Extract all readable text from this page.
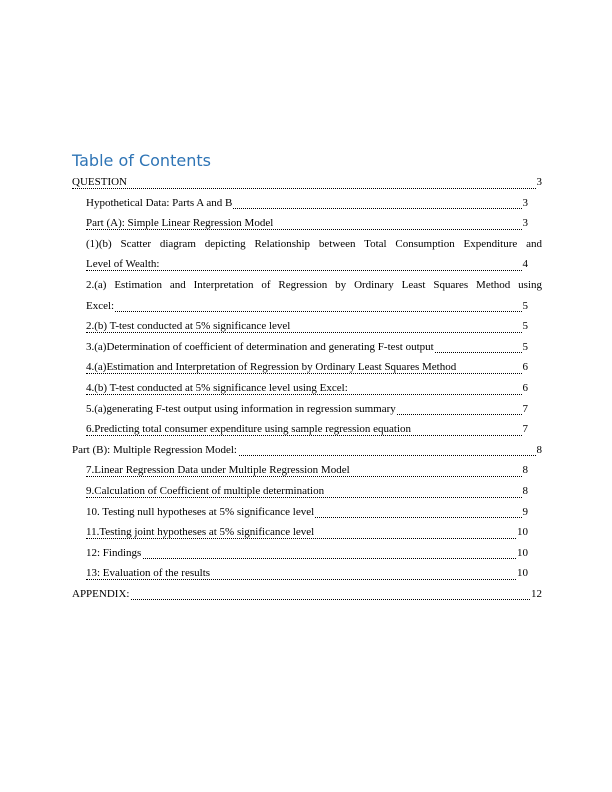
Table of Contents
QUESTION	3
Hypothetical Data: Parts A and B	3
Part (A): Simple Linear Regression Model	3
(1)(b) Scatter diagram depicting Relationship between Total Consumption Expenditure and
Level of Wealth:	4
2.(a) Estimation and Interpretation of Regression by Ordinary Least Squares Method using
Excel:	5
2.(b) T-test conducted at 5% significance level	5
3.(a)Determination of coefficient of determination and generating F-test output	5
4.(a)Estimation and Interpretation of Regression by Ordinary Least Squares Method	6
4.(b) T-test conducted at 5% significance level using Excel:	6
5.(a)generating F-test output using information in regression summary	7
6.Predicting total consumer expenditure using sample regression equation	7
Part (B): Multiple Regression Model:	8
7.Linear Regression Data under Multiple Regression Model	8
9.Calculation of Coefficient of multiple determination	8
10. Testing null hypotheses at 5% significance level	9
11.Testing joint hypotheses at 5% significance level	10
12: Findings	10
13: Evaluation of the results	10
APPENDIX:	12
